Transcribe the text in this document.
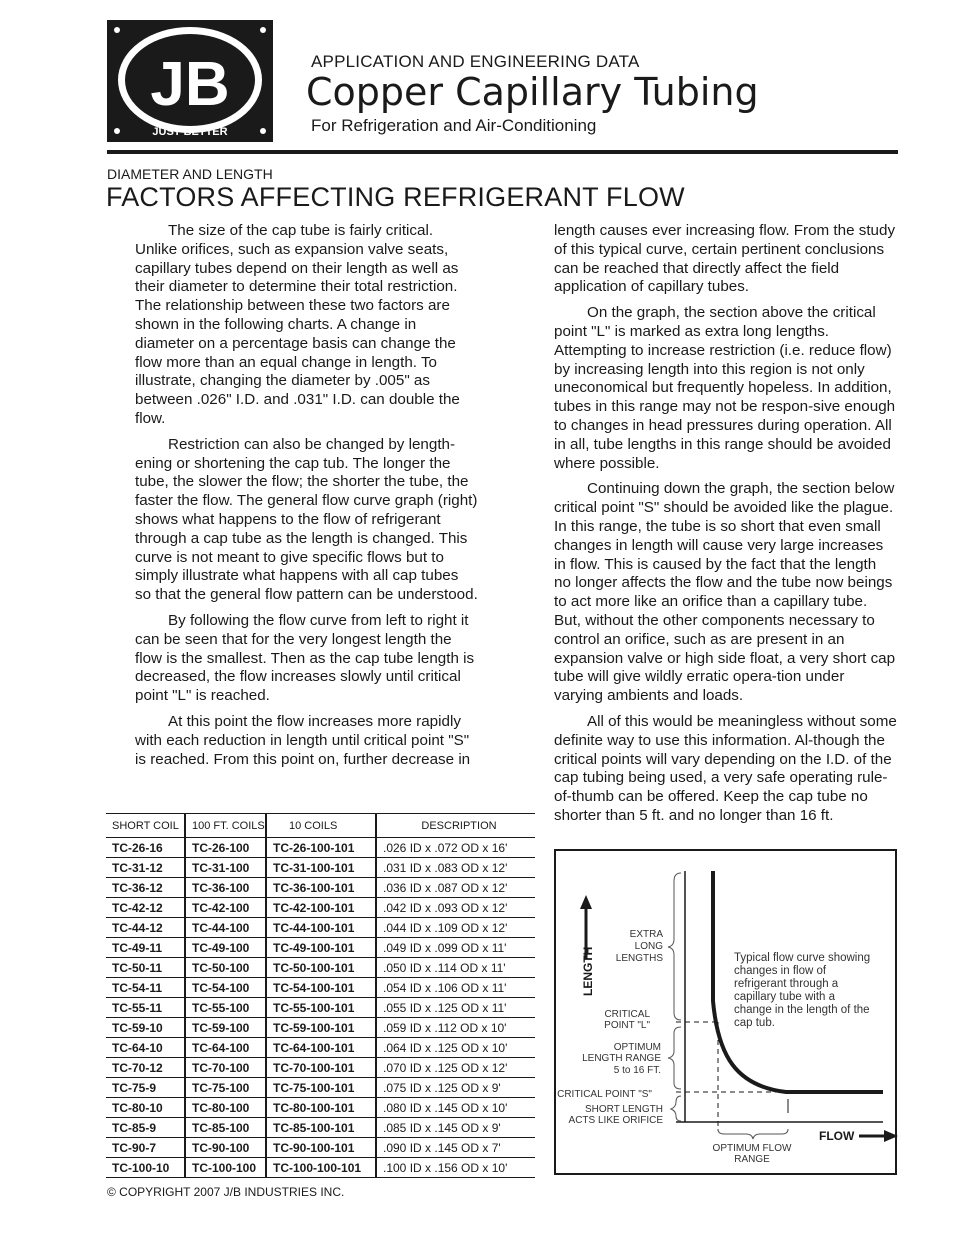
JB
JUST BETTER
APPLICATION AND ENGINEERING DATA
Copper Capillary Tubing
For Refrigeration and Air-Conditioning
DIAMETER AND LENGTH
FACTORS AFFECTING REFRIGERANT FLOW

The size of the cap tube is fairly critical. Unlike orifices, such as expansion valve seats, capillary tubes depend on their length as well as their diameter to determine their total restriction. The relationship between these two factors are shown in the following charts. A change in diameter on a percentage basis can change the flow more than an equal change in length. To illustrate, changing the diameter by .005" as between .026" I.D. and .031" I.D. can double the flow.

Restriction can also be changed by length-ening or shortening the cap tub. The longer the tube, the slower the flow; the shorter the tube, the faster the flow. The general flow curve graph (right) shows what happens to the flow of refrigerant through a cap tube as the length is changed. This curve is not meant to give specific flows but to simply illustrate what happens with all cap tubes so that the general flow pattern can be understood.

By following the flow curve from left to right it can be seen that for the very longest length the flow is the smallest. Then as the cap tube length is decreased, the flow increases slowly until critical point "L" is reached.

At this point the flow increases more rapidly with each reduction in length until critical point "S" is reached. From this point on, further decrease in

length causes ever increasing flow. From the study of this typical curve, certain pertinent conclusions can be reached that directly affect the field application of capillary tubes.

On the graph, the section above the critical point "L" is marked as extra long lengths. Attempting to increase restriction (i.e. reduce flow) by increasing length into this region is not only uneconomical but frequently hopeless. In addition, tubes in this range may not be respon-sive enough to changes in head pressures during operation. All in all, tube lengths in this range should be avoided where possible.

Continuing down the graph, the section below critical point "S" should be avoided like the plague. In this range, the tube is so short that even small changes in length will cause very large increases in flow. This is caused by the fact that the length no longer affects the flow and the tube now beings to act more like an orifice than a capillary tube. But, without the other components necessary to control an orifice, such as are present in an expansion valve or high side float, a very short cap tube will give wildly erratic opera-tion under varying ambients and loads.

All of this would be meaningless without some definite way to use this information. Al-though the critical points will vary depending on the I.D. of the cap tubing being used, a very safe operating rule-of-thumb can be offered. Keep the cap tube no shorter than 5 ft. and no longer than 16 ft.

SHORT COIL	100 FT. COILS	10 COILS	DESCRIPTION
TC-26-16	TC-26-100	TC-26-100-101	.026 ID x .072 OD x 16'
TC-31-12	TC-31-100	TC-31-100-101	.031 ID x .083 OD x 12'
TC-36-12	TC-36-100	TC-36-100-101	.036 ID x .087 OD x 12'
TC-42-12	TC-42-100	TC-42-100-101	.042 ID x .093 OD x 12'
TC-44-12	TC-44-100	TC-44-100-101	.044 ID x .109 OD x 12'
TC-49-11	TC-49-100	TC-49-100-101	.049 ID x .099 OD x 11'
TC-50-11	TC-50-100	TC-50-100-101	.050 ID x .114 OD x 11'
TC-54-11	TC-54-100	TC-54-100-101	.054 ID x .106 OD x 11'
TC-55-11	TC-55-100	TC-55-100-101	.055 ID x .125 OD x 11'
TC-59-10	TC-59-100	TC-59-100-101	.059 ID x .112 OD x 10'
TC-64-10	TC-64-100	TC-64-100-101	.064 ID x .125 OD x 10'
TC-70-12	TC-70-100	TC-70-100-101	.070 ID x .125 OD x 12'
TC-75-9	TC-75-100	TC-75-100-101	.075 ID x .125 OD x 9'
TC-80-10	TC-80-100	TC-80-100-101	.080 ID x .145 OD x 10'
TC-85-9	TC-85-100	TC-85-100-101	.085 ID x .145 OD x 9'
TC-90-7	TC-90-100	TC-90-100-101	.090 ID x .145 OD x 7'
TC-100-10	TC-100-100	TC-100-100-101	.100 ID x .156 OD x 10'
© COPYRIGHT 2007 J/B INDUSTRIES INC.
LENGTH
FLOW
EXTRA
LONG
LENGTHS
CRITICAL
POINT "L"
OPTIMUM
LENGTH RANGE
5 to 16 FT.
CRITICAL POINT "S"
SHORT LENGTH
ACTS LIKE ORIFICE
OPTIMUM FLOW
RANGE
Typical flow curve showing
changes in flow of
refrigerant through a
capillary tube with a
change in the length of the
cap tub.
